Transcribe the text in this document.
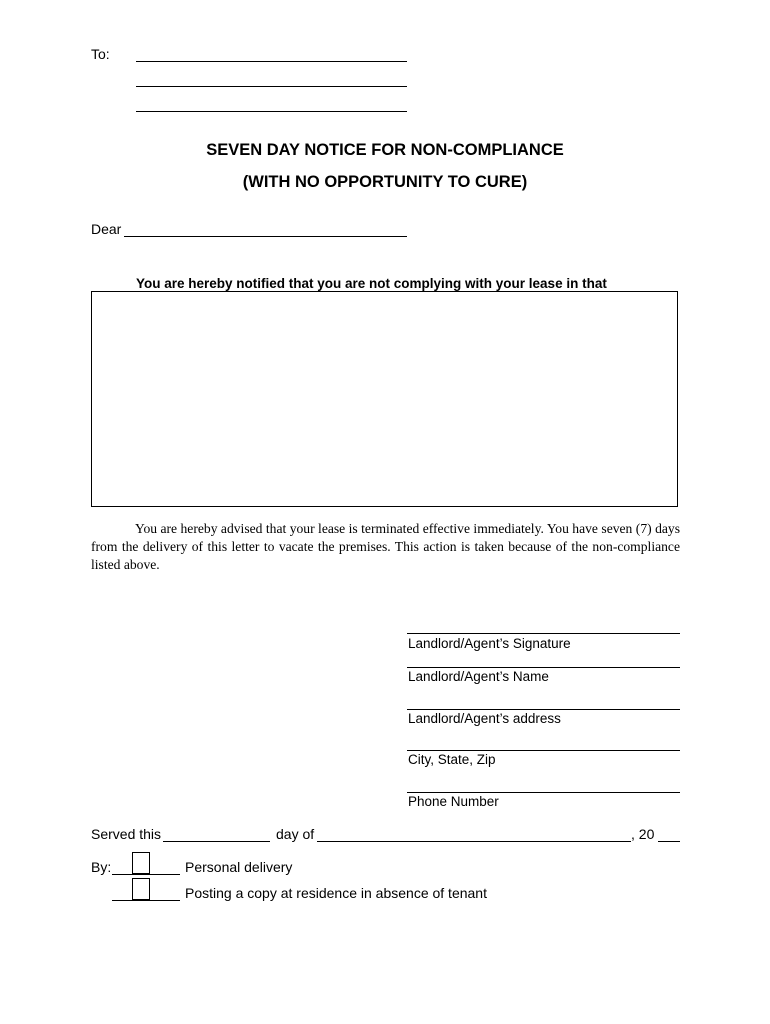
To:
SEVEN DAY NOTICE FOR NON-COMPLIANCE
(WITH NO OPPORTUNITY TO CURE)
Dear
You are hereby notified that you are not complying with your lease in that
You are hereby advised that your lease is terminated effective immediately. You have seven (7) days from the delivery of this letter to vacate the premises. This action is taken because of the non-compliance listed above.
Landlord/Agent’s Signature
Landlord/Agent’s Name
Landlord/Agent’s address
City, State, Zip
Phone Number
Served this	day of	, 20
By:	Personal delivery
Posting a copy at residence in absence of tenant
